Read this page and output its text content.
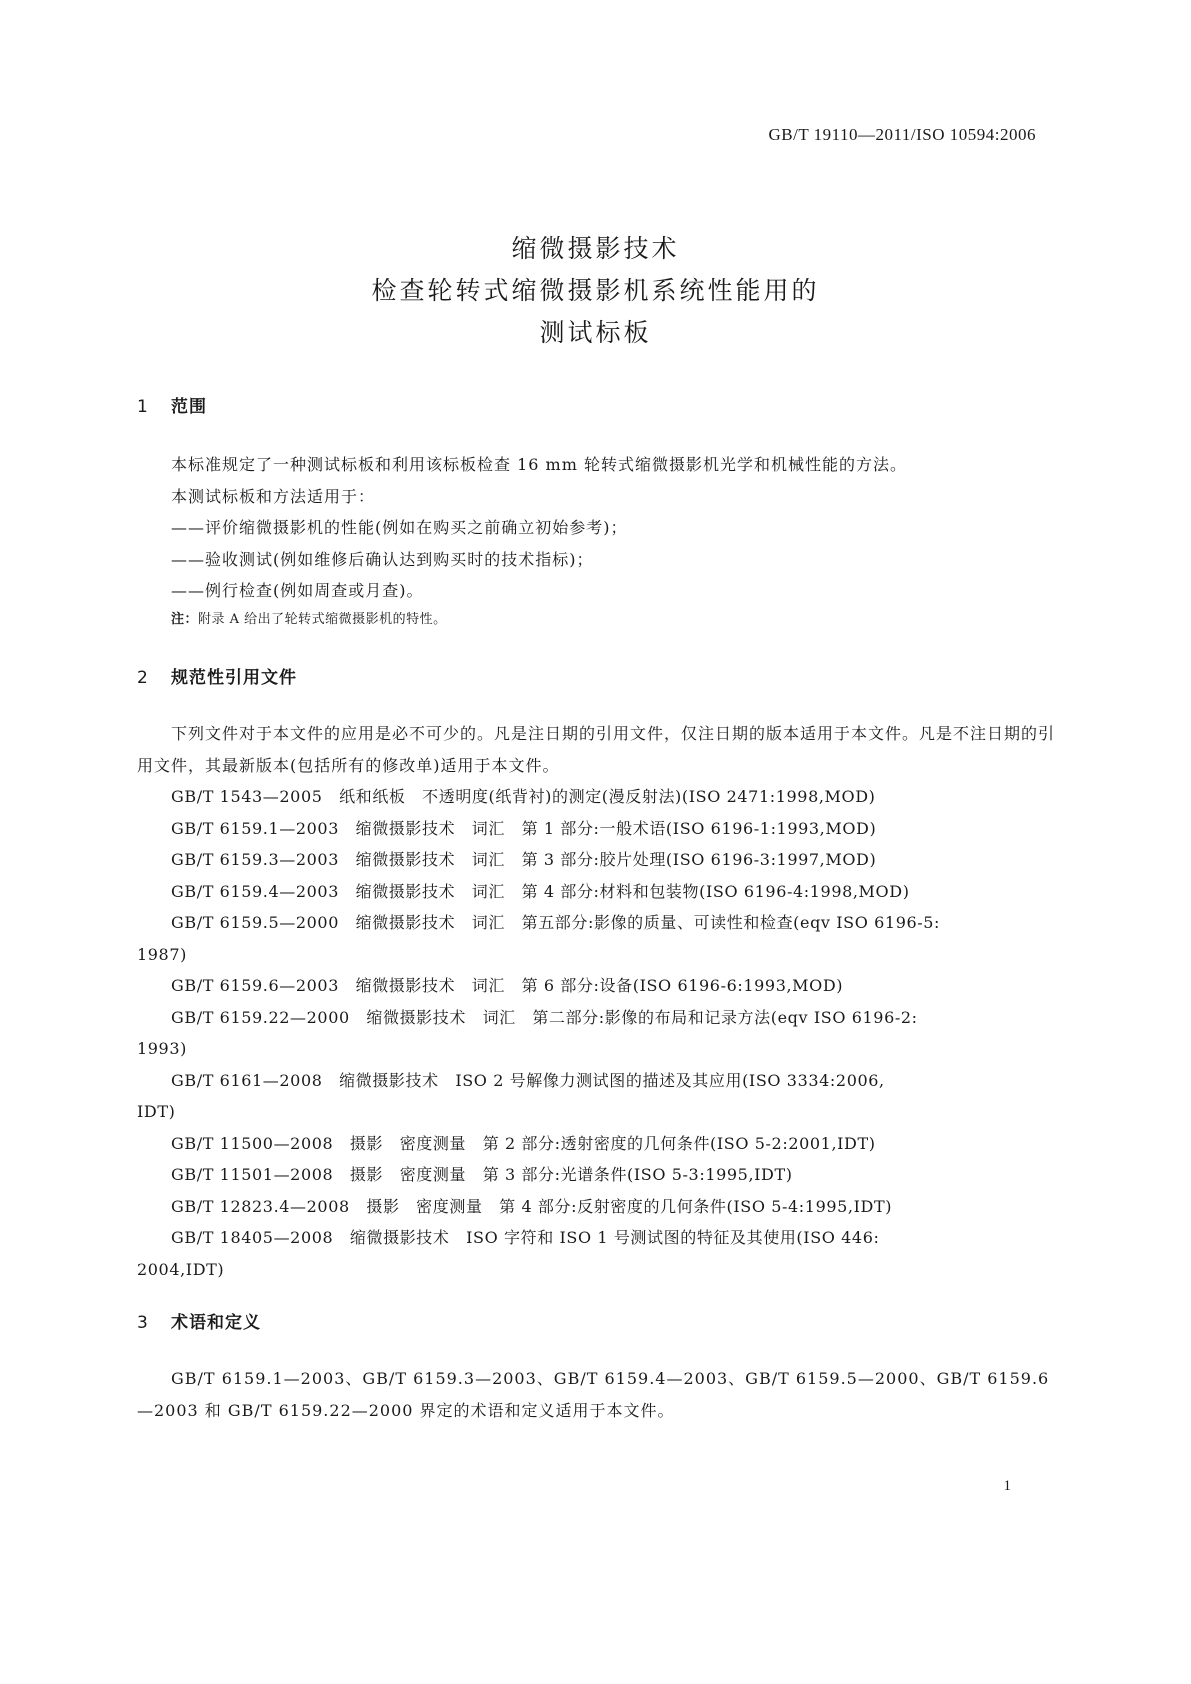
GB/T 19110—2011/ISO 10594:2006

缩微摄影技术

检查轮转式缩微摄影机系统性能用的

测试标板

1 范围

本标准规定了一种测试标板和利用该标板检查 16 mm 轮转式缩微摄影机光学和机械性能的方法。

本测试标板和方法适用于：

——评价缩微摄影机的性能(例如在购买之前确立初始参考)；

——验收测试(例如维修后确认达到购买时的技术指标)；

——例行检查(例如周查或月查)。

注：附录 A 给出了轮转式缩微摄影机的特性。

2 规范性引用文件

下列文件对于本文件的应用是必不可少的。凡是注日期的引用文件，仅注日期的版本适用于本文件。凡是不注日期的引用文件，其最新版本(包括所有的修改单)适用于本文件。

GB/T 1543—2005　纸和纸板　不透明度(纸背衬)的测定(漫反射法)(ISO 2471:1998,MOD)

GB/T 6159.1—2003　缩微摄影技术　词汇　第 1 部分:一般术语(ISO 6196-1:1993,MOD)

GB/T 6159.3—2003　缩微摄影技术　词汇　第 3 部分:胶片处理(ISO 6196-3:1997,MOD)

GB/T 6159.4—2003　缩微摄影技术　词汇　第 4 部分:材料和包装物(ISO 6196-4:1998,MOD)

GB/T 6159.5—2000　缩微摄影技术　词汇　第五部分:影像的质量、可读性和检查(eqv ISO 6196-5:

1987)

GB/T 6159.6—2003　缩微摄影技术　词汇　第 6 部分:设备(ISO 6196-6:1993,MOD)

GB/T 6159.22—2000　缩微摄影技术　词汇　第二部分:影像的布局和记录方法(eqv ISO 6196-2:

1993)

GB/T 6161—2008　缩微摄影技术　ISO 2 号解像力测试图的描述及其应用(ISO 3334:2006,

IDT)

GB/T 11500—2008　摄影　密度测量　第 2 部分:透射密度的几何条件(ISO 5-2:2001,IDT)

GB/T 11501—2008　摄影　密度测量　第 3 部分:光谱条件(ISO 5-3:1995,IDT)

GB/T 12823.4—2008　摄影　密度测量　第 4 部分:反射密度的几何条件(ISO 5-4:1995,IDT)

GB/T 18405—2008　缩微摄影技术　ISO 字符和 ISO 1 号测试图的特征及其使用(ISO 446:

2004,IDT)

3 术语和定义

GB/T 6159.1—2003、GB/T 6159.3—2003、GB/T 6159.4—2003、GB/T 6159.5—2000、GB/T 6159.6—2003 和 GB/T 6159.22—2000 界定的术语和定义适用于本文件。

1
